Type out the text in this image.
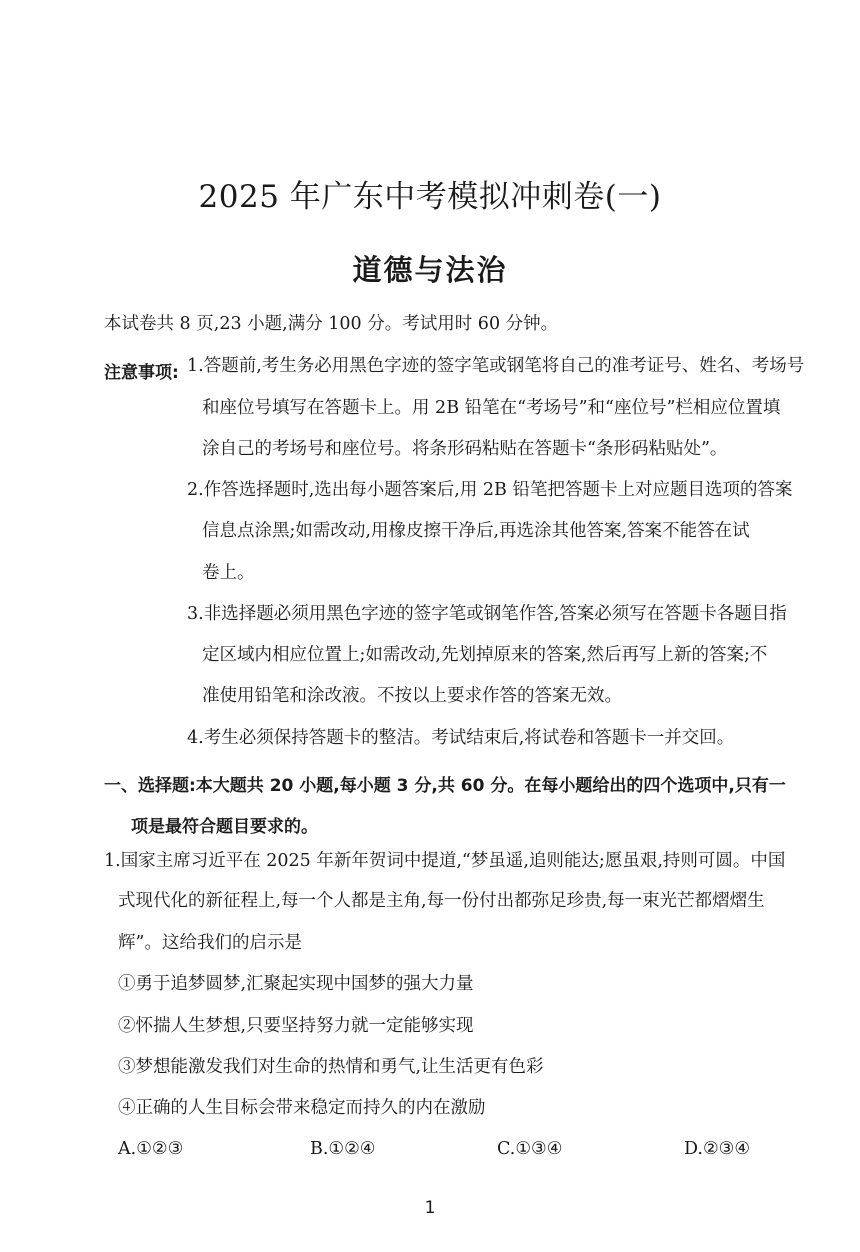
2025 年广东中考模拟冲刺卷(一)
道德与法治
本试卷共 8 页,23 小题,满分 100 分。考试用时 60 分钟。
注意事项: 1.答题前,考生务必用黑色字迹的签字笔或钢笔将自己的准考证号、姓名、考场号
和座位号填写在答题卡上。用 2B 铅笔在“考场号”和“座位号”栏相应位置填
涂自己的考场号和座位号。将条形码粘贴在答题卡“条形码粘贴处”。
2.作答选择题时,选出每小题答案后,用 2B 铅笔把答题卡上对应题目选项的答案
信息点涂黑;如需改动,用橡皮擦干净后,再选涂其他答案,答案不能答在试
卷上。
3.非选择题必须用黑色字迹的签字笔或钢笔作答,答案必须写在答题卡各题目指
定区域内相应位置上;如需改动,先划掉原来的答案,然后再写上新的答案;不
准使用铅笔和涂改液。不按以上要求作答的答案无效。
4.考生必须保持答题卡的整洁。考试结束后,将试卷和答题卡一并交回。
一、选择题:本大题共 20 小题,每小题 3 分,共 60 分。在每小题给出的四个选项中,只有一
项是最符合题目要求的。
1.国家主席习近平在 2025 年新年贺词中提道,“梦虽遥,追则能达;愿虽艰,持则可圆。中国
式现代化的新征程上,每一个人都是主角,每一份付出都弥足珍贵,每一束光芒都熠熠生
辉”。这给我们的启示是
①勇于追梦圆梦,汇聚起实现中国梦的强大力量
②怀揣人生梦想,只要坚持努力就一定能够实现
③梦想能激发我们对生命的热情和勇气,让生活更有色彩
④正确的人生目标会带来稳定而持久的内在激励
A.①②③	B.①②④	C.①③④	D.②③④
1
